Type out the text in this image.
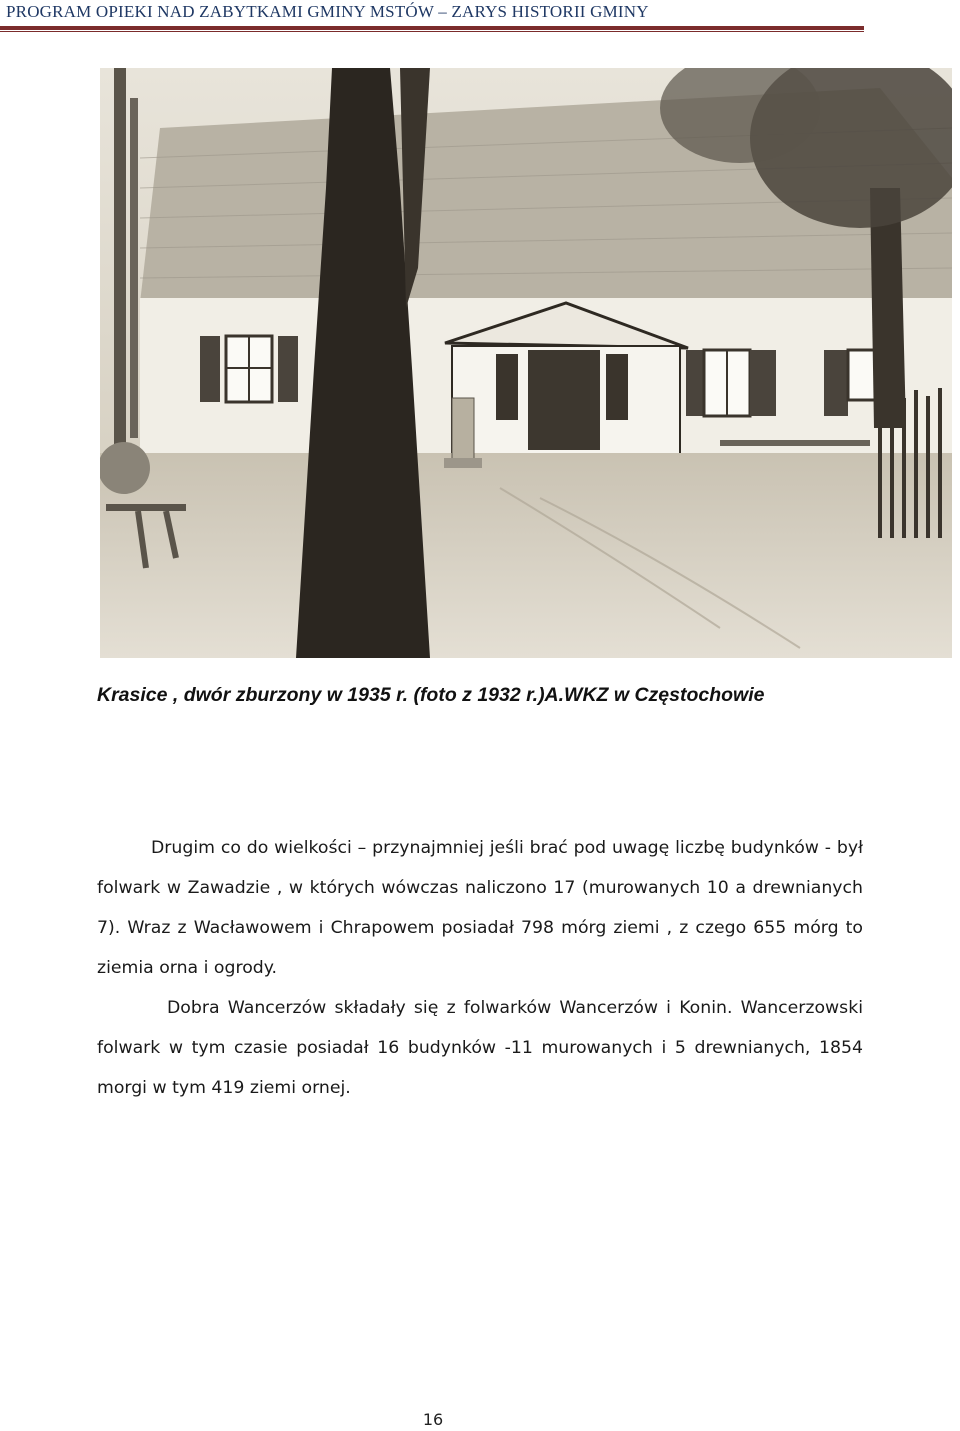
PROGRAM OPIEKI NAD ZABYTKAMI GMINY MSTÓW – ZARYS HISTORII GMINY
Krasice , dwór zburzony w 1935 r. (foto z 1932 r.)A.WKZ w Częstochowie

Drugim co do wielkości – przynajmniej jeśli brać pod uwagę liczbę budynków - był folwark w Zawadzie , w których wówczas naliczono 17 (murowanych 10 a drewnianych 7). Wraz z Wacławowem i Chrapowem posiadał 798 mórg ziemi , z czego 655 mórg to ziemia orna i ogrody.

Dobra Wancerzów składały się z folwarków Wancerzów i Konin. Wancerzowski folwark w tym czasie posiadał 16 budynków -11 murowanych i 5 drewnianych, 1854 morgi w tym 419 ziemi ornej.

16
